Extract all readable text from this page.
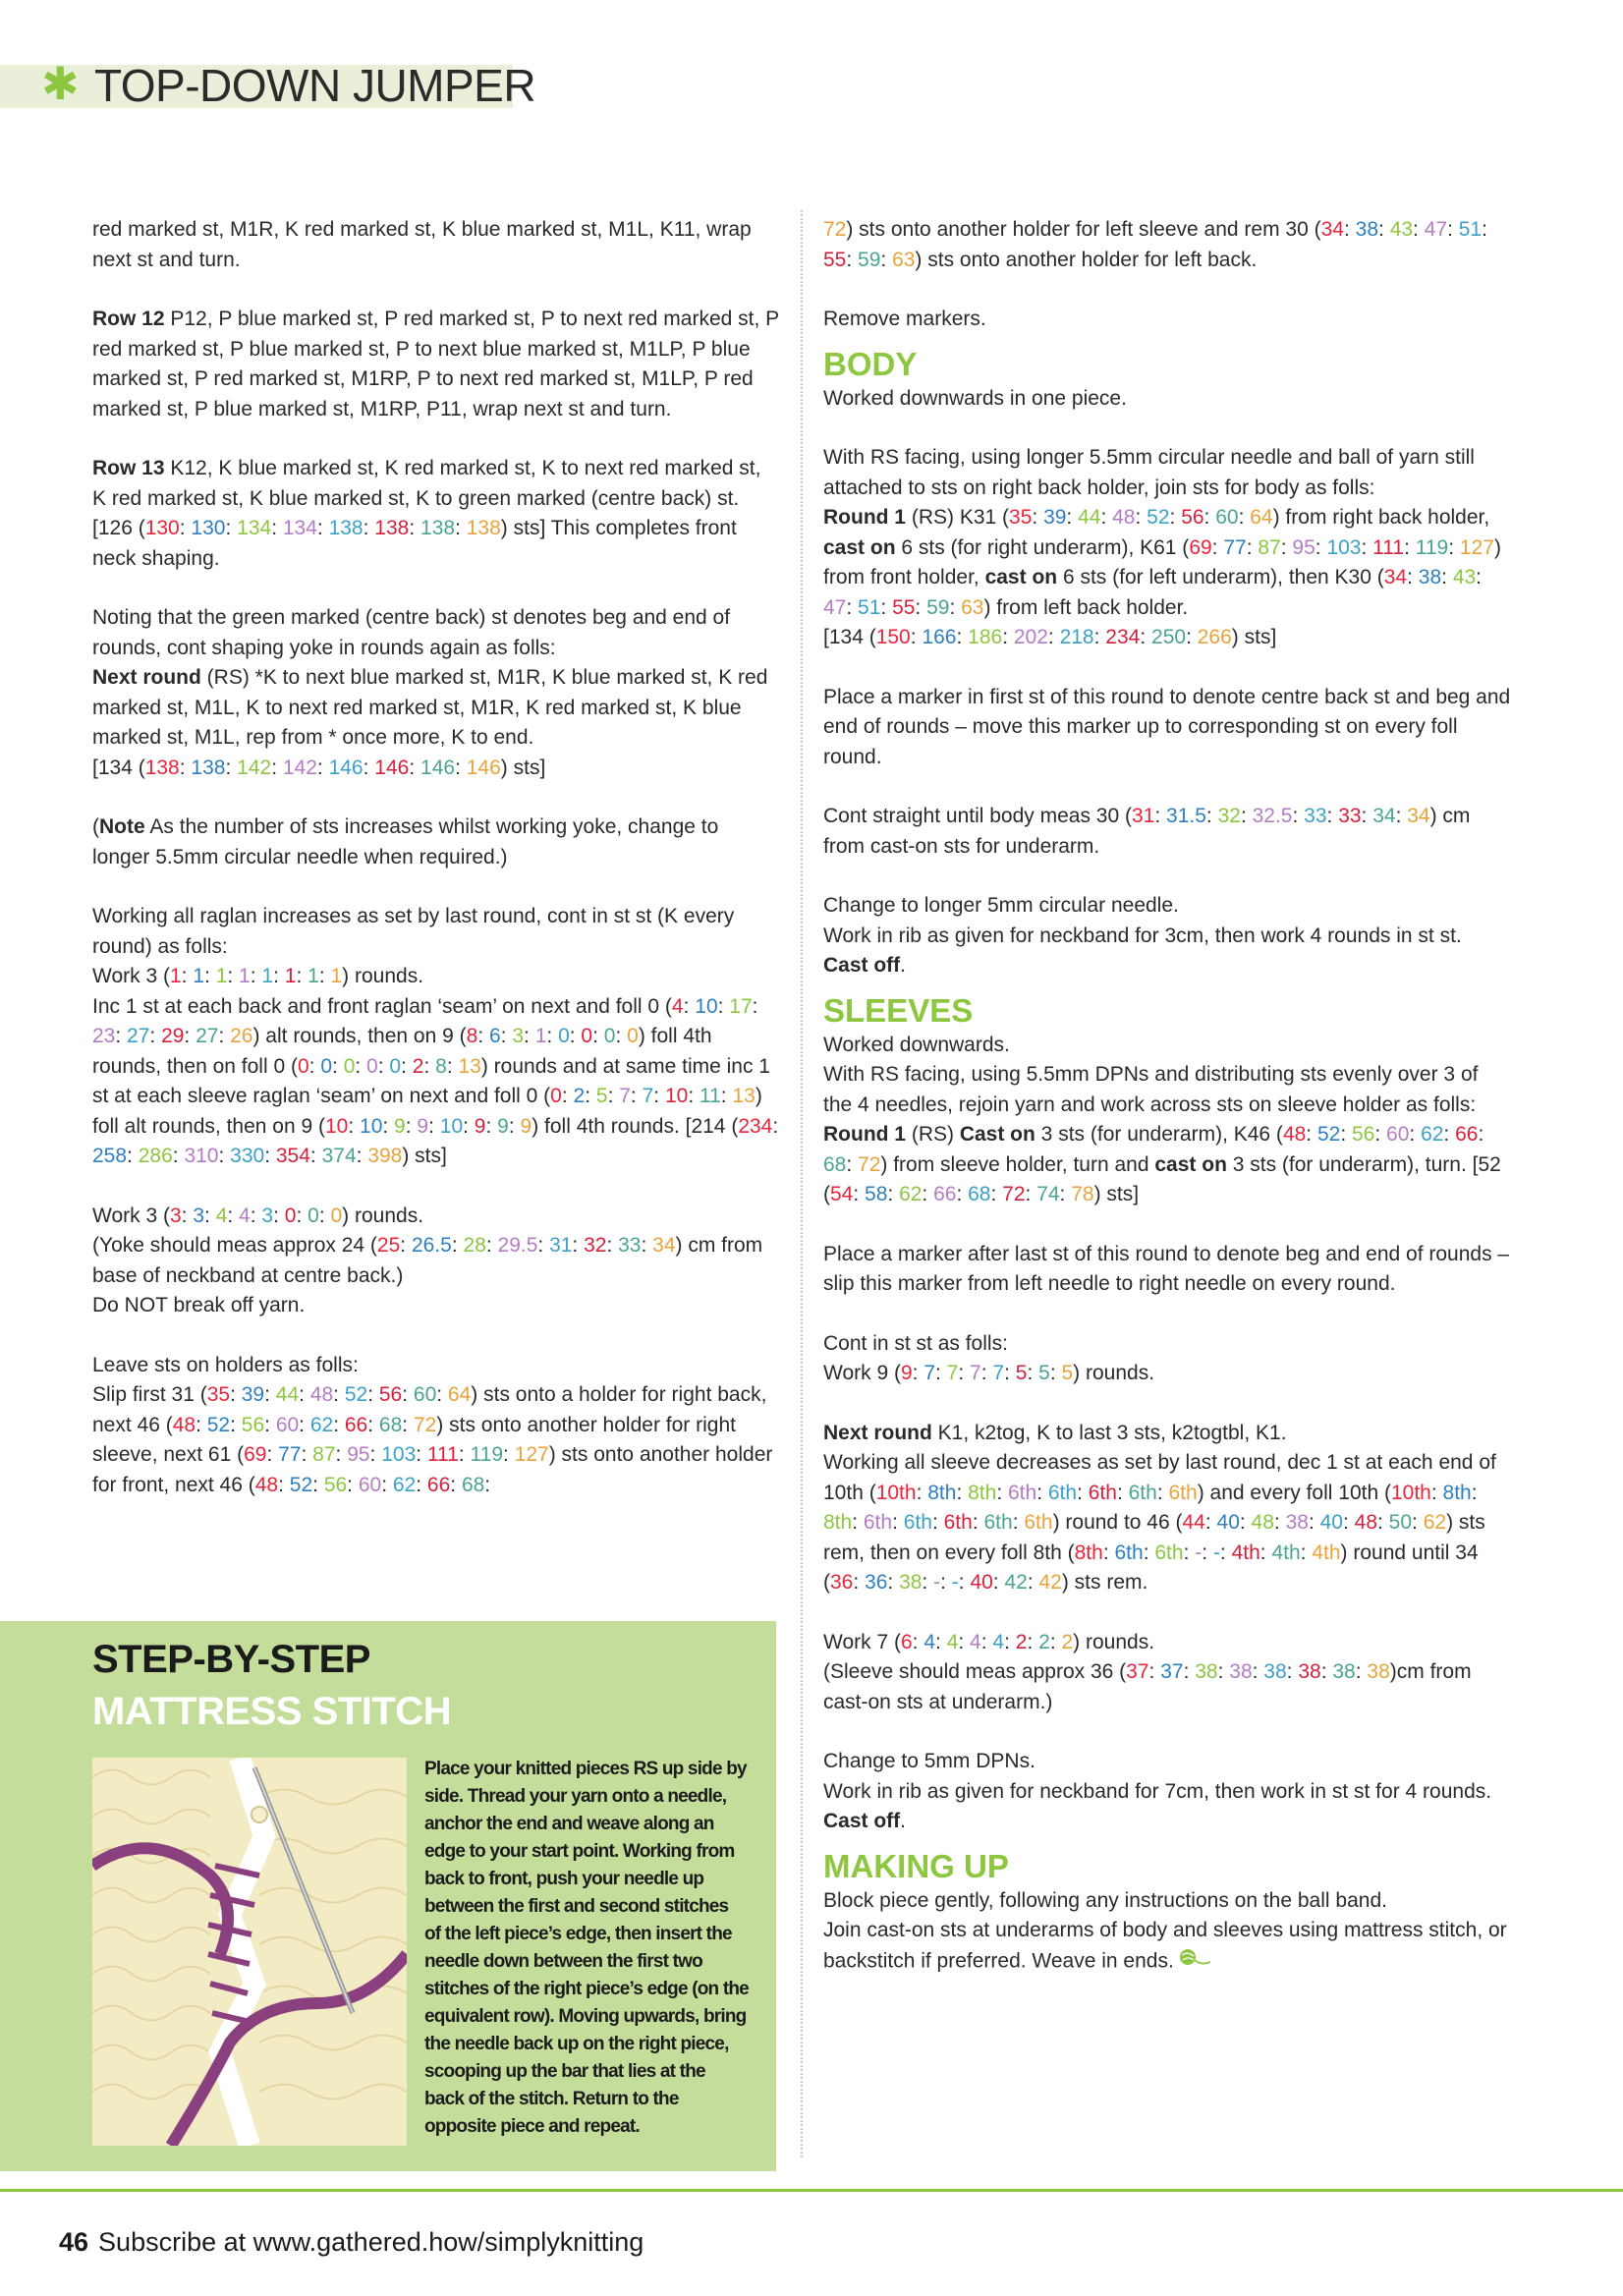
✱ TOP-DOWN JUMPER

red marked st, M1R, K red marked st, K blue marked st, M1L, K11, wrap next st and turn.

Row 12 P12, P blue marked st, P red marked st, P to next red marked st, P red marked st, P blue marked st, P to next blue marked st, M1LP, P blue marked st, P red marked st, M1RP, P to next red marked st, M1LP, P red marked st, P blue marked st, M1RP, P11, wrap next st and turn.

Row 13 K12, K blue marked st, K red marked st, K to next red marked st, K red marked st, K blue marked st, K to green marked (centre back) st. [126 (130: 130: 134: 134: 138: 138: 138: 138) sts] This completes front neck shaping.

Noting that the green marked (centre back) st denotes beg and end of rounds, cont shaping yoke in rounds again as folls:
Next round (RS) *K to next blue marked st, M1R, K blue marked st, K red marked st, M1L, K to next red marked st, M1R, K red marked st, K blue marked st, M1L, rep from * once more, K to end.
[134 (138: 138: 142: 142: 146: 146: 146: 146) sts]

(Note As the number of sts increases whilst working yoke, change to longer 5.5mm circular needle when required.)

Working all raglan increases as set by last round, cont in st st (K every round) as folls:
Work 3 (1: 1: 1: 1: 1: 1: 1: 1) rounds.
Inc 1 st at each back and front raglan ‘seam’ on next and foll 0 (4: 10: 17: 23: 27: 29: 27: 26) alt rounds, then on 9 (8: 6: 3: 1: 0: 0: 0: 0) foll 4th rounds, then on foll 0 (0: 0: 0: 0: 0: 2: 8: 13) rounds and at same time inc 1 st at each sleeve raglan ‘seam’ on next and foll 0 (0: 2: 5: 7: 7: 10: 11: 13) foll alt rounds, then on 9 (10: 10: 9: 9: 10: 9: 9: 9) foll 4th rounds. [214 (234: 258: 286: 310: 330: 354: 374: 398) sts]

Work 3 (3: 3: 4: 4: 3: 0: 0: 0) rounds.
(Yoke should meas approx 24 (25: 26.5: 28: 29.5: 31: 32: 33: 34) cm from base of neckband at centre back.)
Do NOT break off yarn.

Leave sts on holders as folls:
Slip first 31 (35: 39: 44: 48: 52: 56: 60: 64) sts onto a holder for right back, next 46 (48: 52: 56: 60: 62: 66: 68: 72) sts onto another holder for right sleeve, next 61 (69: 77: 87: 95: 103: 111: 119: 127) sts onto another holder for front, next 46 (48: 52: 56: 60: 62: 66: 68:

72) sts onto another holder for left sleeve and rem 30 (34: 38: 43: 47: 51: 55: 59: 63) sts onto another holder for left back.

Remove markers.

BODY

Worked downwards in one piece.

With RS facing, using longer 5.5mm circular needle and ball of yarn still attached to sts on right back holder, join sts for body as folls:
Round 1 (RS) K31 (35: 39: 44: 48: 52: 56: 60: 64) from right back holder, cast on 6 sts (for right underarm), K61 (69: 77: 87: 95: 103: 111: 119: 127) from front holder, cast on 6 sts (for left underarm), then K30 (34: 38: 43: 47: 51: 55: 59: 63) from left back holder.
[134 (150: 166: 186: 202: 218: 234: 250: 266) sts]

Place a marker in first st of this round to denote centre back st and beg and end of rounds – move this marker up to corresponding st on every foll round.

Cont straight until body meas 30 (31: 31.5: 32: 32.5: 33: 33: 34: 34) cm from cast-on sts for underarm.

Change to longer 5mm circular needle.
Work in rib as given for neckband for 3cm, then work 4 rounds in st st.
Cast off.

SLEEVES

Worked downwards.
With RS facing, using 5.5mm DPNs and distributing sts evenly over 3 of the 4 needles, rejoin yarn and work across sts on sleeve holder as folls:
Round 1 (RS) Cast on 3 sts (for underarm), K46 (48: 52: 56: 60: 62: 66: 68: 72) from sleeve holder, turn and cast on 3 sts (for underarm), turn. [52 (54: 58: 62: 66: 68: 72: 74: 78) sts]

Place a marker after last st of this round to denote beg and end of rounds – slip this marker from left needle to right needle on every round.

Cont in st st as folls:
Work 9 (9: 7: 7: 7: 7: 5: 5: 5) rounds.

Next round K1, k2tog, K to last 3 sts, k2togtbl, K1.
Working all sleeve decreases as set by last round, dec 1 st at each end of 10th (10th: 8th: 8th: 6th: 6th: 6th: 6th: 6th) and every foll 10th (10th: 8th: 8th: 6th: 6th: 6th: 6th: 6th) round to 46 (44: 40: 48: 38: 40: 48: 50: 62) sts rem, then on every foll 8th (8th: 6th: 6th: -: -: 4th: 4th: 4th) round until 34 (36: 36: 38: -: -: 40: 42: 42) sts rem.

Work 7 (6: 4: 4: 4: 4: 2: 2: 2) rounds.
(Sleeve should meas approx 36 (37: 37: 38: 38: 38: 38: 38: 38)cm from cast-on sts at underarm.)

Change to 5mm DPNs.
Work in rib as given for neckband for 7cm, then work in st st for 4 rounds.
Cast off.

MAKING UP

Block piece gently, following any instructions on the ball band.
Join cast-on sts at underarms of body and sleeves using mattress stitch, or backstitch if preferred. Weave in ends.

STEP-BY-STEP
MATTRESS STITCH
Place your knitted pieces RS up side by side. Thread your yarn onto a needle, anchor the end and weave along an edge to your start point. Working from back to front, push your needle up between the first and second stitches of the left piece’s edge, then insert the needle down between the first two stitches of the right piece’s edge (on the equivalent row). Moving upwards, bring the needle back up on the right piece, scooping up the bar that lies at the back of the stitch. Return to the opposite piece and repeat.
46 Subscribe at www.gathered.how/simplyknitting
